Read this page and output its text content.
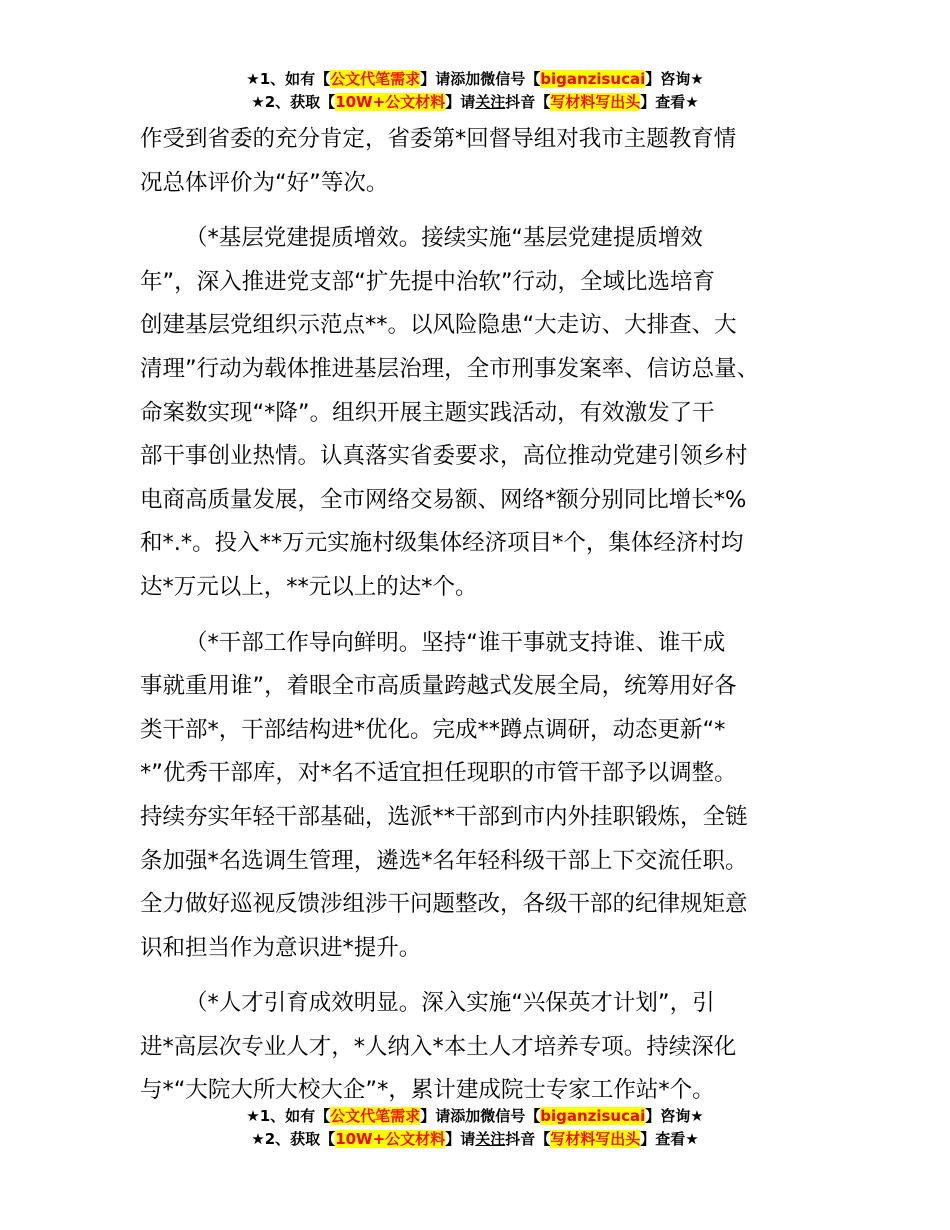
★1、如有【公文代笔需求】请添加微信号【biganzisucai】咨询★
★2、获取【10W+公文材料】请关注抖音【写材料写出头】查看★

作受到省委的充分肯定，省委第*回督导组对我市主题教育情
况总体评价为“好”等次。

（*基层党建提质增效。接续实施“基层党建提质增效
年”，深入推进党支部“扩先提中治软”行动，全域比选培育
创建基层党组织示范点**。以风险隐患“大走访、大排查、大
清理”行动为载体推进基层治理，全市刑事发案率、信访总量、
命案数实现“*降”。组织开展主题实践活动，有效激发了干
部干事创业热情。认真落实省委要求，高位推动党建引领乡村
电商高质量发展，全市网络交易额、网络*额分别同比增长*%
和*.*。投入**万元实施村级集体经济项目*个，集体经济村均
达*万元以上，**元以上的达*个。

（*干部工作导向鲜明。坚持“谁干事就支持谁、谁干成
事就重用谁”，着眼全市高质量跨越式发展全局，统筹用好各
类干部*，干部结构进*优化。完成**蹲点调研，动态更新“*
*”优秀干部库，对*名不适宜担任现职的市管干部予以调整。
持续夯实年轻干部基础，选派**干部到市内外挂职锻炼，全链
条加强*名选调生管理，遴选*名年轻科级干部上下交流任职。
全力做好巡视反馈涉组涉干问题整改，各级干部的纪律规矩意
识和担当作为意识进*提升。

（*人才引育成效明显。深入实施“兴保英才计划”，引
进*高层次专业人才，*人纳入*本土人才培养专项。持续深化
与*“大院大所大校大企”*，累计建成院士专家工作站*个。

★1、如有【公文代笔需求】请添加微信号【biganzisucai】咨询★
★2、获取【10W+公文材料】请关注抖音【写材料写出头】查看★
